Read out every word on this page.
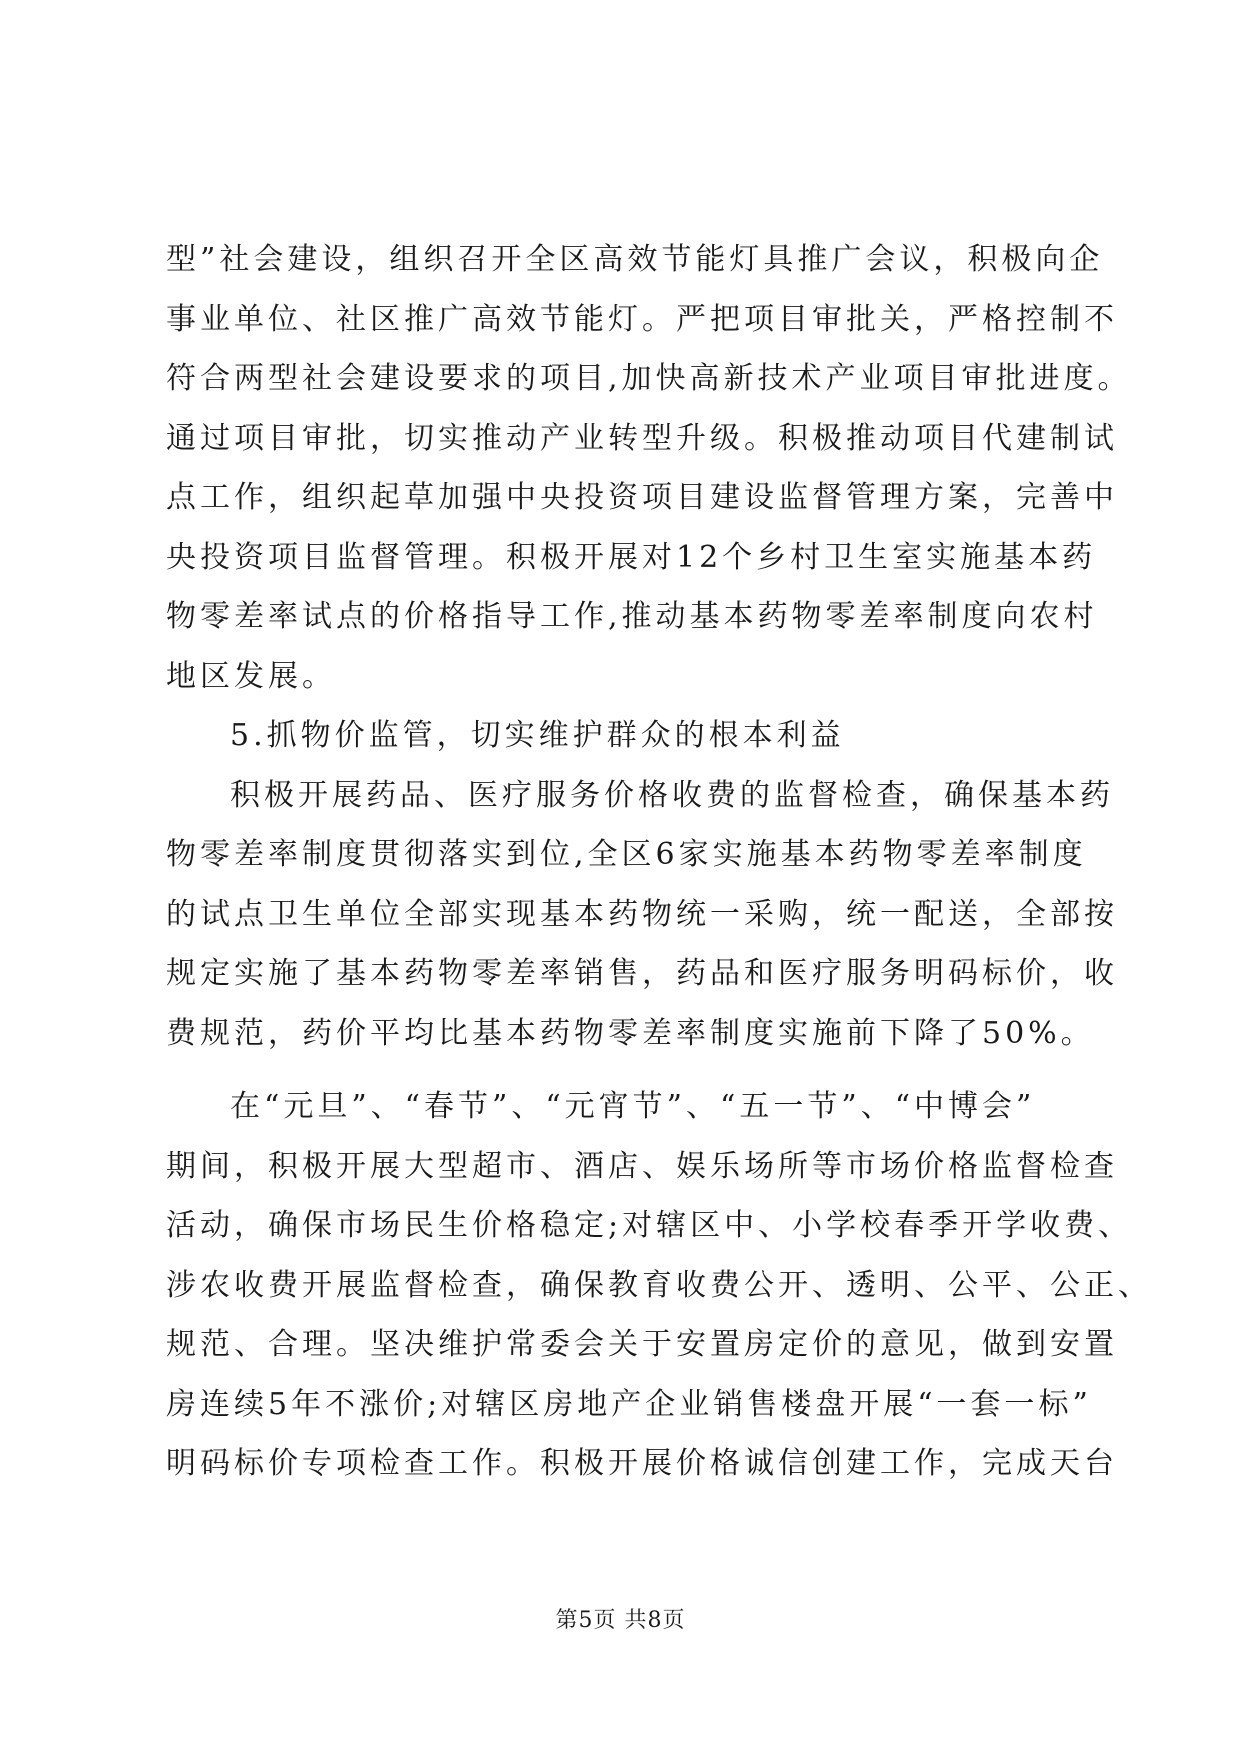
型”社会建设，组织召开全区高效节能灯具推广会议，积极向企
事业单位、社区推广高效节能灯。严把项目审批关，严格控制不
符合两型社会建设要求的项目,加快高新技术产业项目审批进度。
通过项目审批，切实推动产业转型升级。积极推动项目代建制试
点工作，组织起草加强中央投资项目建设监督管理方案，完善中
央投资项目监督管理。积极开展对12个乡村卫生室实施基本药
物零差率试点的价格指导工作,推动基本药物零差率制度向农村
地区发展。
5.抓物价监管，切实维护群众的根本利益
积极开展药品、医疗服务价格收费的监督检查，确保基本药
物零差率制度贯彻落实到位,全区6家实施基本药物零差率制度
的试点卫生单位全部实现基本药物统一采购，统一配送，全部按
规定实施了基本药物零差率销售，药品和医疗服务明码标价，收
费规范，药价平均比基本药物零差率制度实施前下降了50%。
在“元旦”、“春节”、“元宵节”、“五一节”、“中博会”
期间，积极开展大型超市、酒店、娱乐场所等市场价格监督检查
活动，确保市场民生价格稳定;对辖区中、小学校春季开学收费、
涉农收费开展监督检查，确保教育收费公开、透明、公平、公正、
规范、合理。坚决维护常委会关于安置房定价的意见，做到安置
房连续5年不涨价;对辖区房地产企业销售楼盘开展“一套一标”
明码标价专项检查工作。积极开展价格诚信创建工作，完成天台
第5页 共8页
